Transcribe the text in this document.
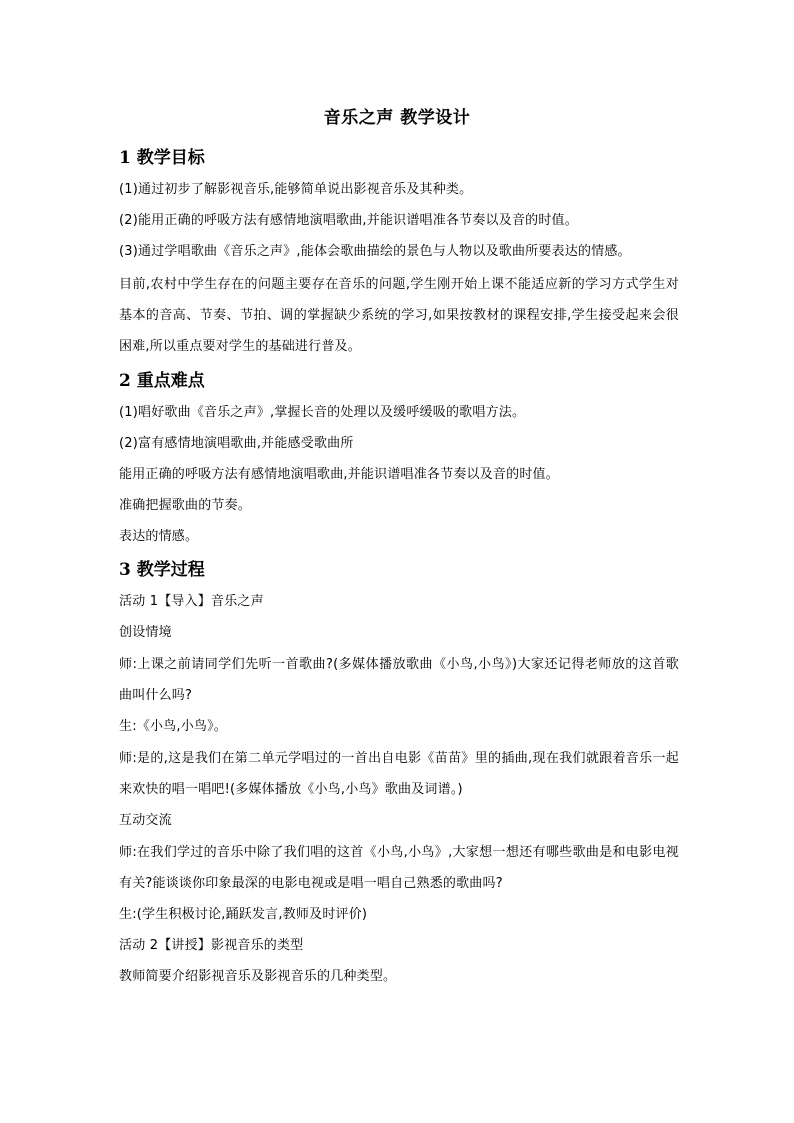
音乐之声 教学设计
1 教学目标
(1)通过初步了解影视音乐,能够简单说出影视音乐及其种类。
(2)能用正确的呼吸方法有感情地演唱歌曲,并能识谱唱准各节奏以及音的时值。
(3)通过学唱歌曲《音乐之声》,能体会歌曲描绘的景色与人物以及歌曲所要表达的情感。
目前,农村中学生存在的问题主要存在音乐的问题,学生刚开始上课不能适应新的学习方式学生对基本的音高、节奏、节拍、调的掌握缺少系统的学习,如果按教材的课程安排,学生接受起来会很困难,所以重点要对学生的基础进行普及。
2 重点难点
(1)唱好歌曲《音乐之声》,掌握长音的处理以及缓呼缓吸的歌唱方法。
(2)富有感情地演唱歌曲,并能感受歌曲所
能用正确的呼吸方法有感情地演唱歌曲,并能识谱唱准各节奏以及音的时值。
准确把握歌曲的节奏。
表达的情感。
3 教学过程
活动 1【导入】音乐之声
创设情境
师:上课之前请同学们先听一首歌曲?(多媒体播放歌曲《小鸟,小鸟》)大家还记得老师放的这首歌曲叫什么吗?
生:《小鸟,小鸟》。
师:是的,这是我们在第二单元学唱过的一首出自电影《苗苗》里的插曲,现在我们就跟着音乐一起来欢快的唱一唱吧!(多媒体播放《小鸟,小鸟》歌曲及词谱。)
互动交流
师:在我们学过的音乐中除了我们唱的这首《小鸟,小鸟》,大家想一想还有哪些歌曲是和电影电视有关?能谈谈你印象最深的电影电视或是唱一唱自己熟悉的歌曲吗?
生:(学生积极讨论,踊跃发言,教师及时评价)
活动 2【讲授】影视音乐的类型
教师简要介绍影视音乐及影视音乐的几种类型。
